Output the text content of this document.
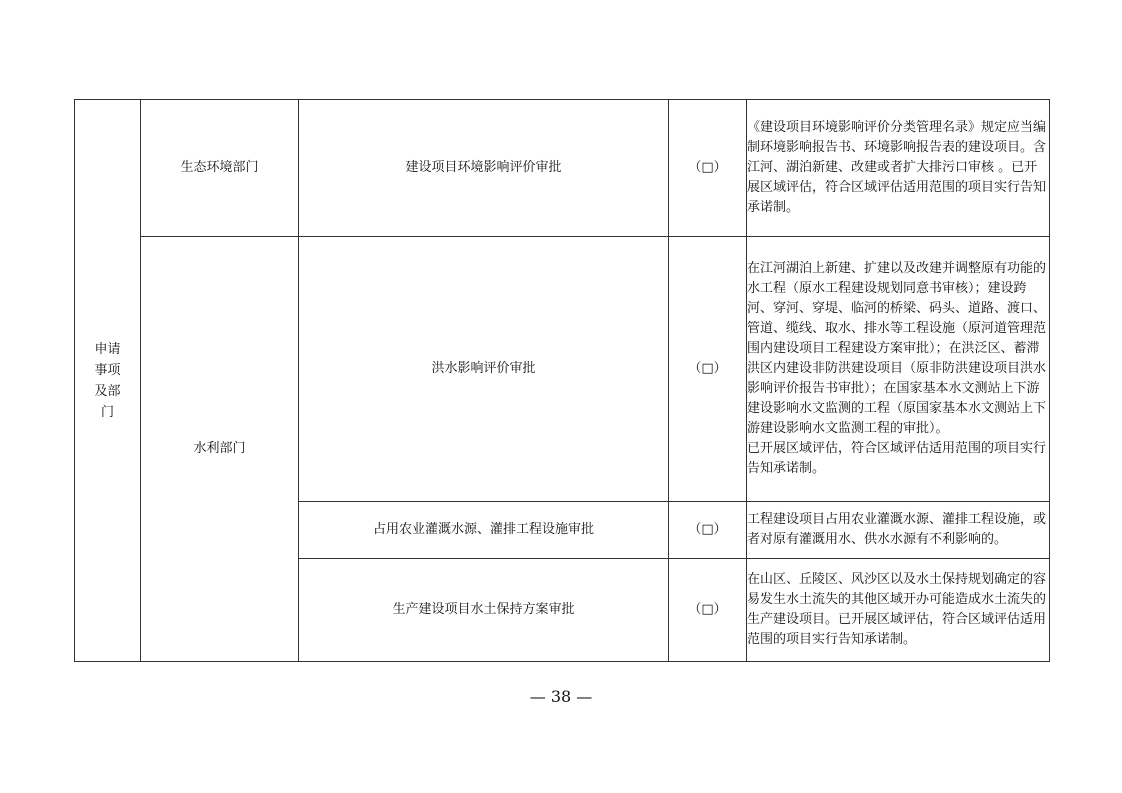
申请事项及部门	生态环境部门	建设项目环境影响评价审批	（□）	《建设项目环境影响评价分类管理名录》规定应当编制环境影响报告书、环境影响报告表的建设项目。含江河、湖泊新建、改建或者扩大排污口审核 。已开展区域评估，符合区域评估适用范围的项目实行告知承诺制。

	水利部门	洪水影响评价审批	（□）	在江河湖泊上新建、扩建以及改建并调整原有功能的水工程（原水工程建设规划同意书审核）；建设跨河、穿河、穿堤、临河的桥梁、码头、道路、渡口、管道、缆线、取水、排水等工程设施（原河道管理范围内建设项目工程建设方案审批）；在洪泛区、蓄滞洪区内建设非防洪建设项目（原非防洪建设项目洪水影响评价报告书审批）；在国家基本水文测站上下游建设影响水文监测的工程（原国家基本水文测站上下游建设影响水文监测工程的审批）。

已开展区域评估，符合区域评估适用范围的项目实行告知承诺制。

		占用农业灌溉水源、灌排工程设施审批	（□）	工程建设项目占用农业灌溉水源、灌排工程设施，或者对原有灌溉用水、供水水源有不利影响的。

		生产建设项目水土保持方案审批	（□）	在山区、丘陵区、风沙区以及水土保持规划确定的容易发生水土流失的其他区域开办可能造成水土流失的生产建设项目。已开展区域评估，符合区域评估适用范围的项目实行告知承诺制。

— 38 —
